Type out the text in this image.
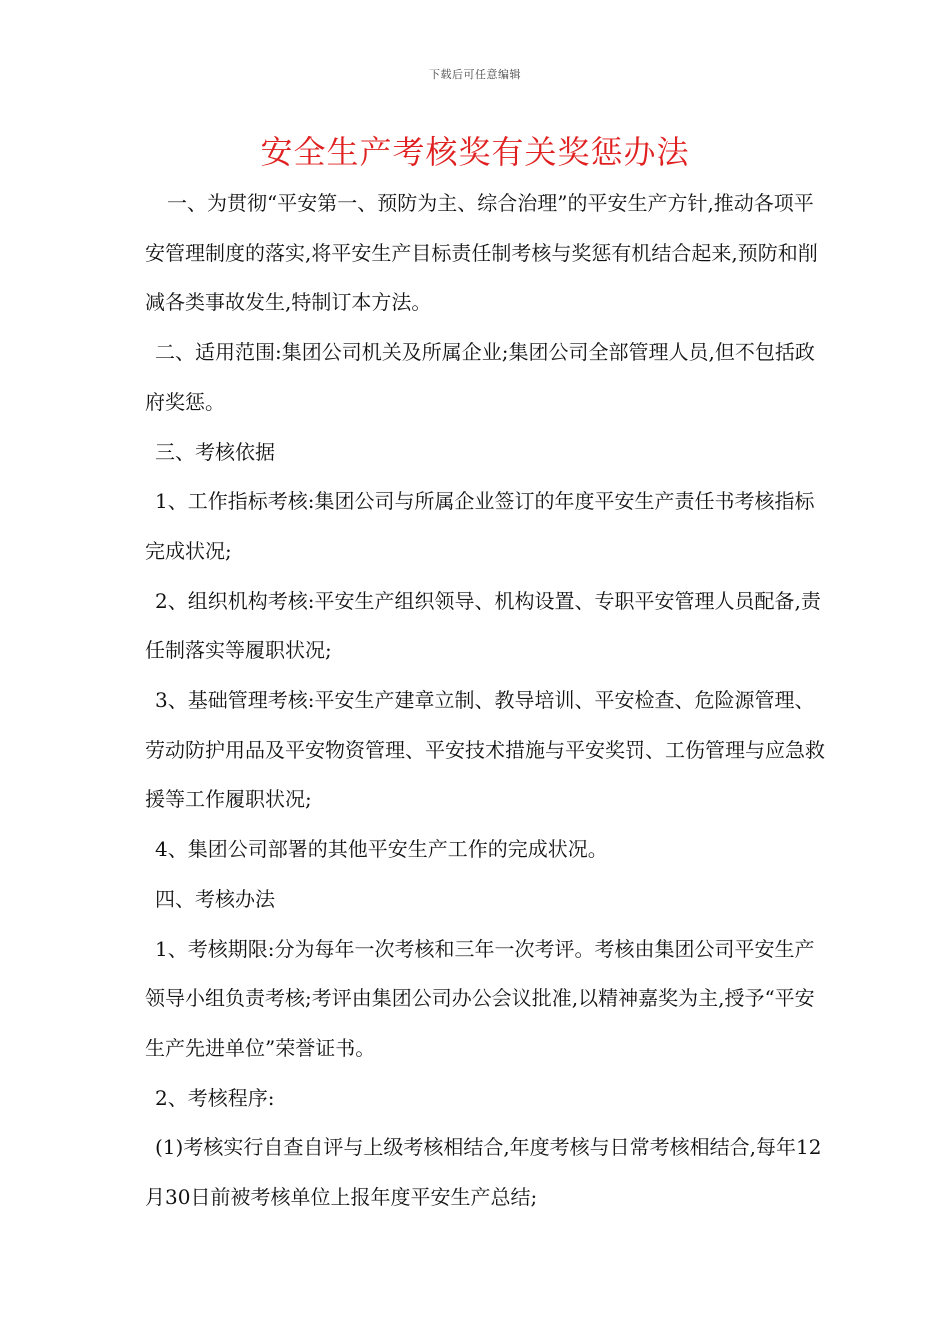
下载后可任意编辑
安全生产考核奖有关奖惩办法

一、为贯彻“平安第一、预防为主、综合治理”的平安生产方针,推动各项平安管理制度的落实,将平安生产目标责任制考核与奖惩有机结合起来,预防和削减各类事故发生,特制订本方法。

二、适用范围:集团公司机关及所属企业;集团公司全部管理人员,但不包括政府奖惩。

三、考核依据

1、工作指标考核:集团公司与所属企业签订的年度平安生产责任书考核指标完成状况;

2、组织机构考核:平安生产组织领导、机构设置、专职平安管理人员配备,责任制落实等履职状况;

3、基础管理考核:平安生产建章立制、教导培训、平安检查、危险源管理、劳动防护用品及平安物资管理、平安技术措施与平安奖罚、工伤管理与应急救援等工作履职状况;

4、集团公司部署的其他平安生产工作的完成状况。

四、考核办法

1、考核期限:分为每年一次考核和三年一次考评。考核由集团公司平安生产领导小组负责考核;考评由集团公司办公会议批准,以精神嘉奖为主,授予“平安生产先进单位”荣誉证书。

2、考核程序:

(1)考核实行自查自评与上级考核相结合,年度考核与日常考核相结合,每年12月30日前被考核单位上报年度平安生产总结;
